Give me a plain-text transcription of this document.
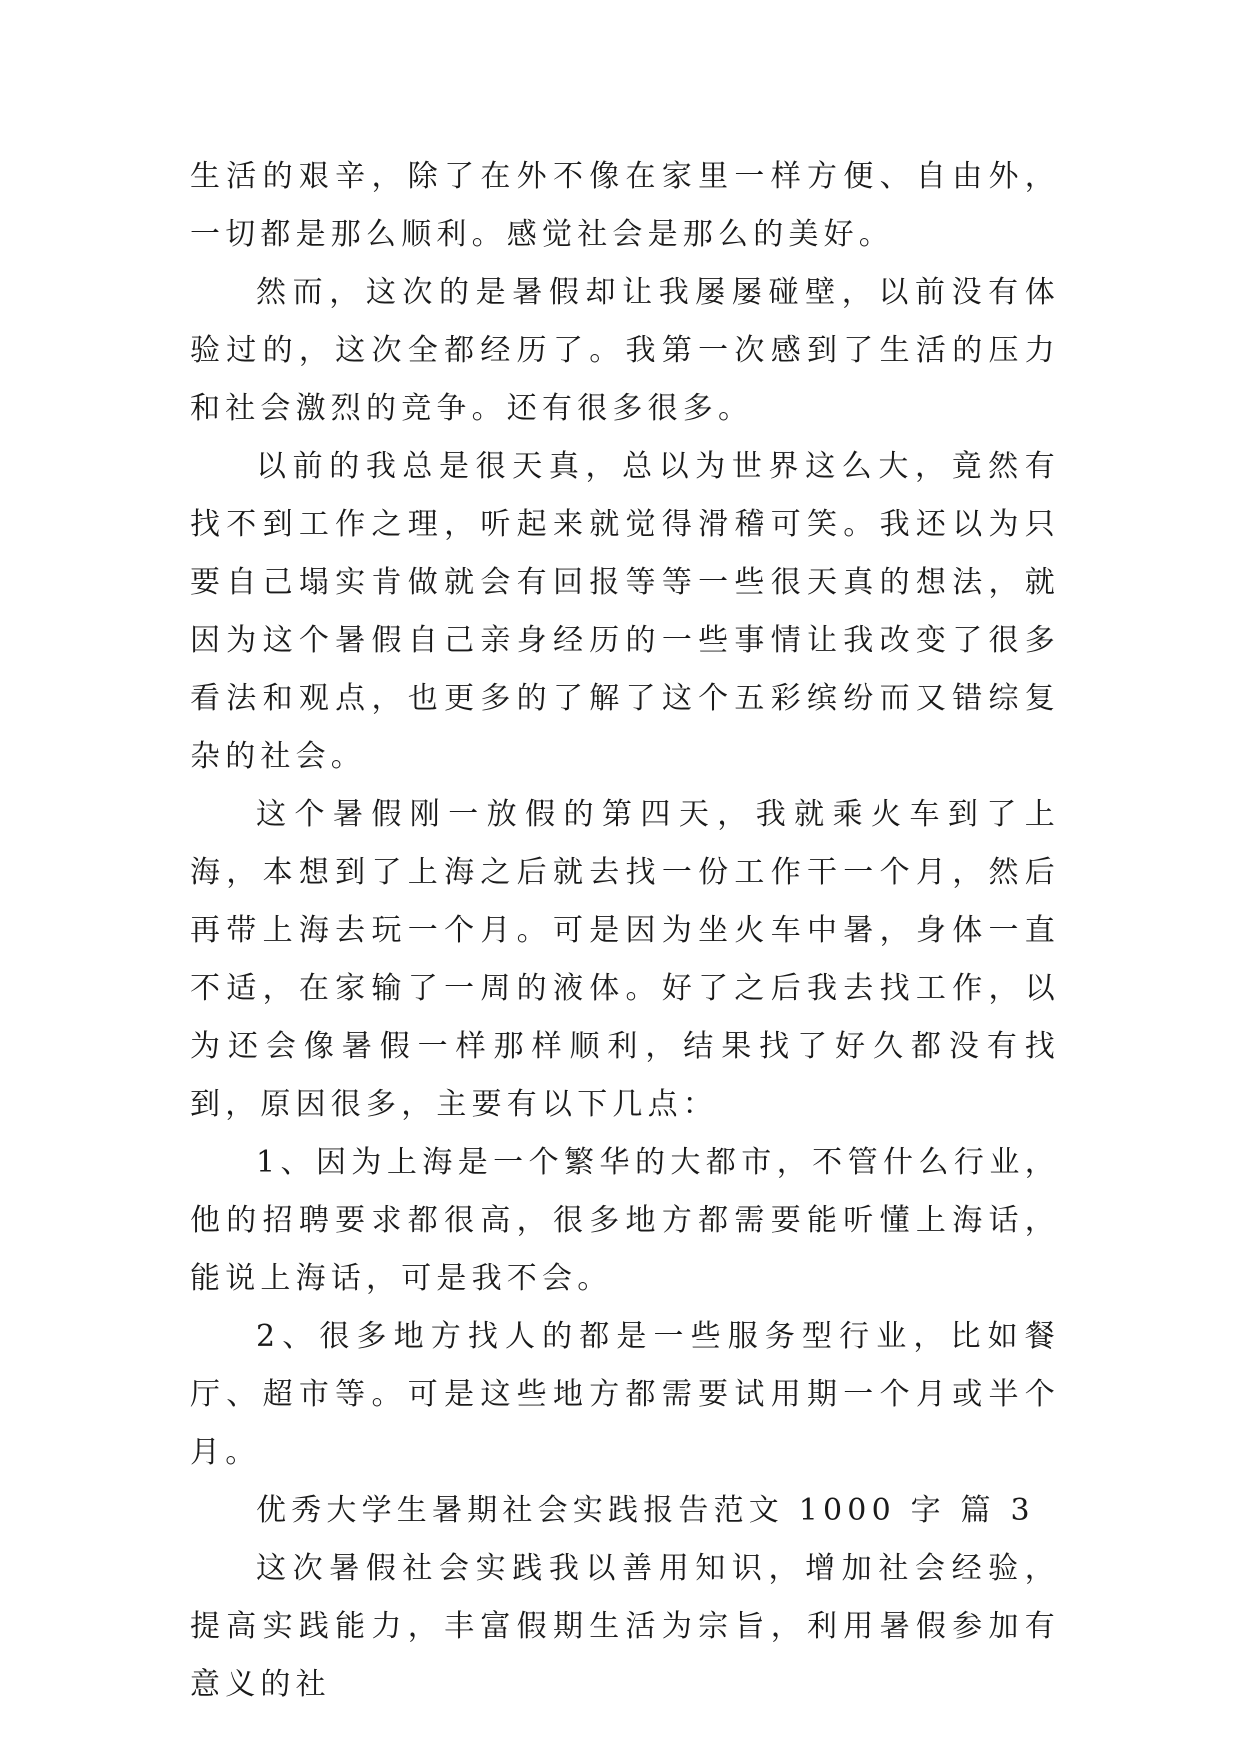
生活的艰辛，除了在外不像在家里一样方便、自由外，一切都是那么顺利。感觉社会是那么的美好。

然而，这次的是暑假却让我屡屡碰壁，以前没有体验过的，这次全都经历了。我第一次感到了生活的压力和社会激烈的竞争。还有很多很多。

以前的我总是很天真，总以为世界这么大，竟然有找不到工作之理，听起来就觉得滑稽可笑。我还以为只要自己塌实肯做就会有回报等等一些很天真的想法，就因为这个暑假自己亲身经历的一些事情让我改变了很多看法和观点，也更多的了解了这个五彩缤纷而又错综复杂的社会。

这个暑假刚一放假的第四天，我就乘火车到了上海，本想到了上海之后就去找一份工作干一个月，然后再带上海去玩一个月。可是因为坐火车中暑，身体一直不适，在家输了一周的液体。好了之后我去找工作，以为还会像暑假一样那样顺利，结果找了好久都没有找到，原因很多，主要有以下几点：

1、因为上海是一个繁华的大都市，不管什么行业，他的招聘要求都很高，很多地方都需要能听懂上海话，能说上海话，可是我不会。

2、很多地方找人的都是一些服务型行业，比如餐厅、超市等。可是这些地方都需要试用期一个月或半个月。

优秀大学生暑期社会实践报告范文 1000 字 篇 3

这次暑假社会实践我以善用知识，增加社会经验，提高实践能力，丰富假期生活为宗旨，利用暑假参加有意义的社
